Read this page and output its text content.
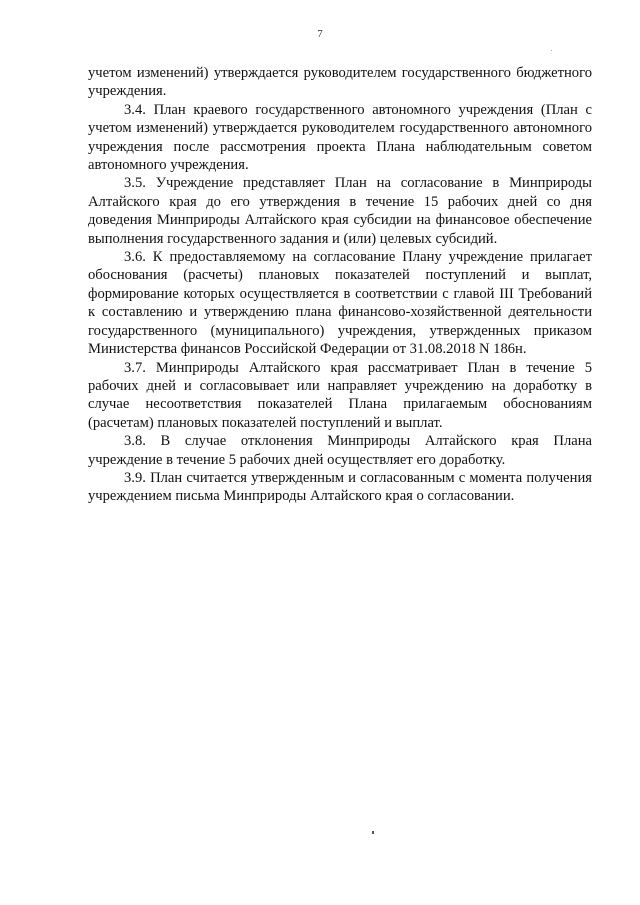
7

учетом изменений) утверждается руководителем государственного бюджетного учреждения.

3.4. План краевого государственного автономного учреждения (План с учетом изменений) утверждается руководителем государственного автономного учреждения после рассмотрения проекта Плана наблюдательным советом автономного учреждения.

3.5. Учреждение представляет План на согласование в Минприроды Алтайского края до его утверждения в течение 15 рабочих дней со дня доведения Минприроды Алтайского края субсидии на финансовое обеспечение выполнения государственного задания и (или) целевых субсидий.

3.6. К предоставляемому на согласование Плану учреждение прилагает обоснования (расчеты) плановых показателей поступлений и выплат, формирование которых осуществляется в соответствии с главой III Требований к составлению и утверждению плана финансово-хозяйственной деятельности государственного (муниципального) учреждения, утвержденных приказом Министерства финансов Российской Федерации от 31.08.2018 N 186н.

3.7. Минприроды Алтайского края рассматривает План в течение 5 рабочих дней и согласовывает или направляет учреждению на доработку в случае несоответствия показателей Плана прилагаемым обоснованиям (расчетам) плановых показателей поступлений и выплат.

3.8. В случае отклонения Минприроды Алтайского края Плана учреждение в течение 5 рабочих дней осуществляет его доработку.

3.9. План считается утвержденным и согласованным с момента получения учреждением письма Минприроды Алтайского края о согласовании.
